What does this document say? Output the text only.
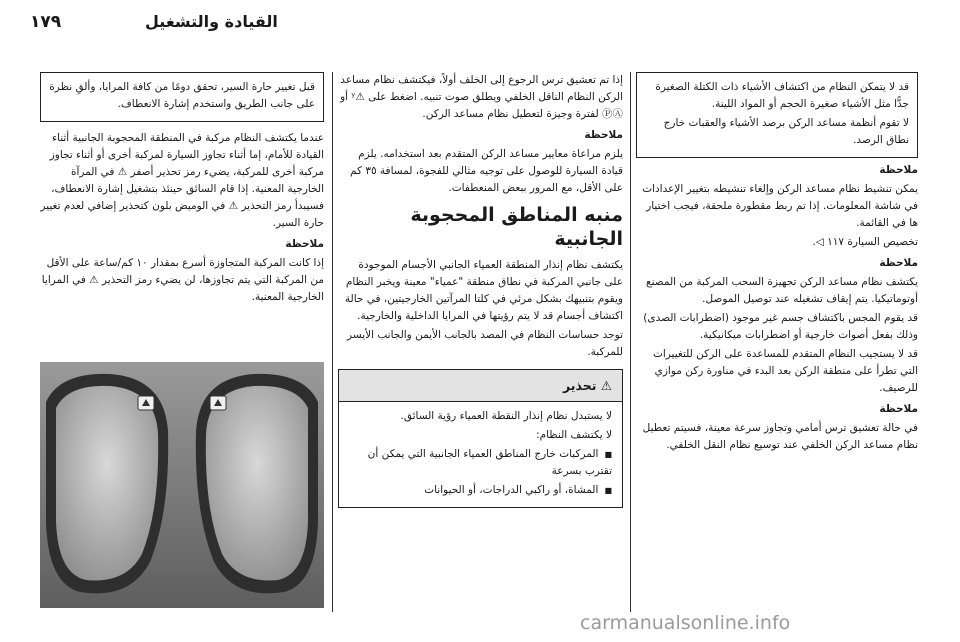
١٧٩	القيادة والتشغيل

قد لا يتمكن النظام من اكتشاف الأشياء ذات الكتلة الصغيرة جدًّا مثل الأشياء صغيرة الحجم أو المواد اللينة.

لا تقوم أنظمة مساعد الركن برصد الأشياء والعقبات خارج نطاق الرصد.

ملاحظة

يمكن تنشيط نظام مساعد الركن وإلغاء تنشيطه بتغيير الإعدادات في شاشة المعلومات. إذا تم ربط مقطورة ملحقة، فيجب اختيار ها في القائمة.

تخصيص السيارة ١١٧ ◁.

ملاحظة

يكتشف نظام مساعد الركن تجهيزة السحب المركبة من المصنع أوتوماتيكيا. يتم إيقاف تشغيله عند توصيل الموصل.

قد يقوم المجس باكتشاف جسم غير موجود (اضطرابات الصدى) وذلك بفعل أصوات خارجية أو اضطرابات ميكانيكية.

قد لا يستجيب النظام المتقدم للمساعدة على الركن للتغييرات التي تطرأ على منطقة الركن بعد البدء في مناورة ركن موازي للرصيف.

ملاحظة

في حالة تعشيق ترس أمامي وتجاوز سرعة معينة، فسيتم تعطيل نظام مساعد الركن الخلفي عند توسيع نظام النقل الخلفي.

إذا تم تعشيق ترس الرجوع إلى الخلف أولاً، فيكتشف نظام مساعد الركن النظام الناقل الخلفي ويطلق صوت تنبيه. اضغط على ⚠ʸ أو ⓅⒶ لفترة وجيزة لتعطيل نظام مساعد الركن.

ملاحظة

يلزم مراعاة معايير مساعد الركن المتقدم بعد استخدامه. يلزم قيادة السيارة للوصول على توجيه مثالي للفجوة، لمسافة ٣٥ كم على الأقل، مع المرور ببعض المنعطفات.

منبه المناطق المحجوبة الجانبية

يكتشف نظام إنذار المنطقة العمياء الجانبي الأجسام الموجودة على جانبي المركبة في نطاق منطقة "عمياء" معينة ويخبر النظام ويقوم بتنبيهك بشكل مرئي في كلتا المرآتين الخارجيتين، في حالة اكتشاف أجسام قد لا يتم رؤيتها في المرايا الداخلية والخارجية.

توجد حساسات النظام في المصد بالجانب الأيمن والجانب الأيسر للمركبة.

⚠ تحذير

لا يستبدل نظام إنذار النقطة العمياء رؤية السائق.

لا يكتشف النظام:

■ المركبات خارج المناطق العمياء الجانبية التي يمكن أن تقترب بسرعة

■ المشاة، أو راكبي الدراجات، أو الحيوانات

قبل تغيير حارة السير، تحقق دومًا من كافة المرايا، وألقِ نظرة على جانب الطريق واستخدم إشارة الانعطاف.

عندما يكتشف النظام مركبة في المنطقة المحجوبة الجانبية أثناء القيادة للأمام، إما أثناء تجاوز السيارة لمركبة أخرى أو أثناء تجاوز مركبة أخرى للمركبة، يضيء رمز تحذير أصفر ⚠ في المرآة الخارجية المعنية. إذا قام السائق حينئذ بتشغيل إشارة الانعطاف، فسيبدأ رمز التحذير ⚠ في الوميض بلون كتحذير إضافي لعدم تغيير حارة السير.

ملاحظة

إذا كانت المركبة المتجاوزة أسرع بمقدار ١٠ كم/ساعة على الأقل من المركبة التي يتم تجاوزها، لن يضيء رمز التحذير ⚠ في المرايا الخارجية المعنية.

carmanualsonline.info
